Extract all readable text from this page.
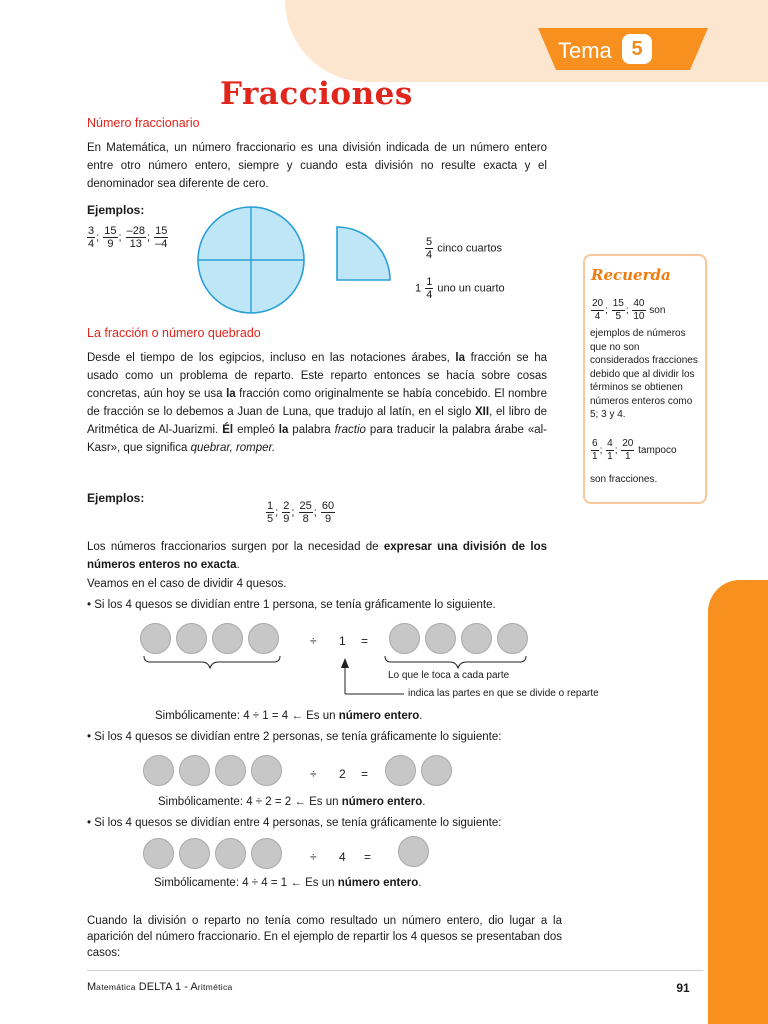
Tema 5
Fracciones
Número fraccionario
En Matemática, un número fraccionario es una división indicada de un número entero entre otro número entero, siempre y cuando esta división no resulte exacta y el denominador sea diferente de cero.
Ejemplos:
$\frac{3}{4}$ ; $\frac{15}{9}$ ; $\frac{-28}{13}$ ; $\frac{15}{-4}$	$\frac{5}{4}$ cinco cuartos
$1 \frac{1}{4}$ uno un cuarto
La fracción o número quebrado
Desde el tiempo de los egipcios, incluso en las notaciones árabes, la fracción se ha usado como un problema de reparto. Este reparto entonces se hacía sobre cosas concretas, aún hoy se usa la fracción como originalmente se había concebido. El nombre de fracción se lo debemos a Juan de Luna, que tradujo al latín, en el siglo XII, el libro de Aritmética de Al-Juarizmi. Él empleó la palabra fractio para traducir la palabra árabe «al-Kasr», que significa quebrar, romper.
Ejemplos:
$\frac{1}{5}$ ; $\frac{2}{9}$ ; $\frac{25}{8}$ ; $\frac{60}{9}$
Recuerda
$\frac{20}{4}$ ; $\frac{15}{5}$ ; $\frac{40}{10}$ son
ejemplos de números que no son considerados fracciones debido que al dividir los términos se obtienen números enteros como 5; 3 y 4.
$\frac{6}{1}$ ; $\frac{4}{1}$ ; $\frac{20}{1}$ tampoco
son fracciones.
Los números fraccionarios surgen por la necesidad de expresar una división de los números enteros no exacta.
Veamos en el caso de dividir 4 quesos.
• Si los 4 quesos se dividían entre 1 persona, se tenía gráficamente lo siguiente.
÷ 1 =
Lo que le toca a cada parte
indica las partes en que se divide o reparte
Simbólicamente: 4 ÷ 1 = 4 ← Es un número entero.
• Si los 4 quesos se dividían entre 2 personas, se tenía gráficamente lo siguiente:
÷ 2 =
Simbólicamente: 4 ÷ 2 = 2 ← Es un número entero.
• Si los 4 quesos se dividían entre 4 personas, se tenía gráficamente lo siguiente:
÷ 4 =
Simbólicamente: 4 ÷ 4 = 1 ← Es un número entero.
Cuando la división o reparto no tenía como resultado un número entero, dio lugar a la aparición del número fraccionario. En el ejemplo de repartir los 4 quesos se presentaban dos casos:
Matemática DELTA 1 - Aritmética	91
